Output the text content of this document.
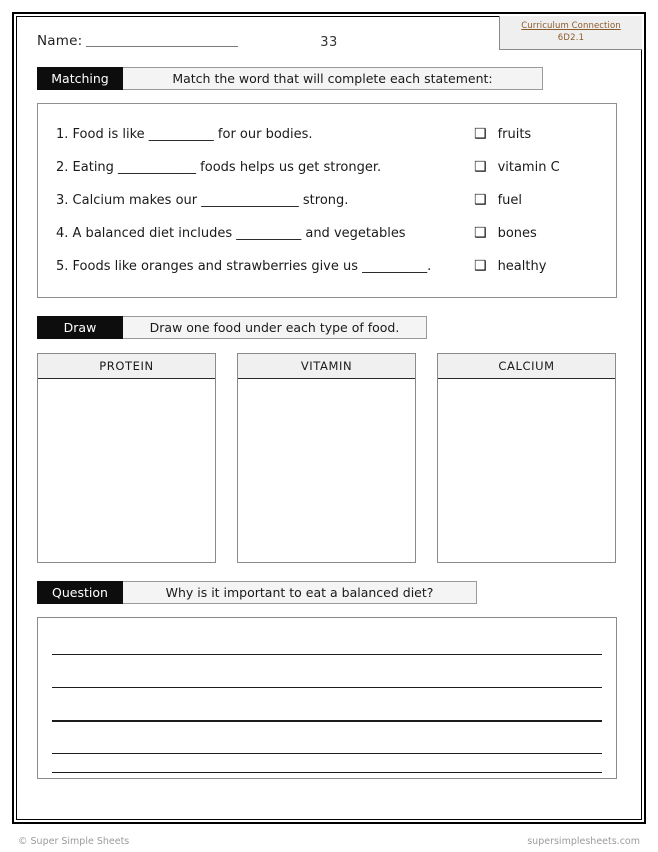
Name:	33
Curriculum Connection
6D2.1
Matching	Match the word that will complete each statement:
1. Food is like __________ for our bodies.
2. Eating ____________ foods helps us get stronger.
3. Calcium makes our _______________ strong.
4. A balanced diet includes __________ and vegetables
5. Foods like oranges and strawberries give us __________.
❑ fruits
❑ vitamin C
❑ fuel
❑ bones
❑ healthy
Draw	Draw one food under each type of food.
PROTEIN	VITAMIN	CALCIUM
Question	Why is it important to eat a balanced diet?
© Super Simple Sheets	supersimplesheets.com
